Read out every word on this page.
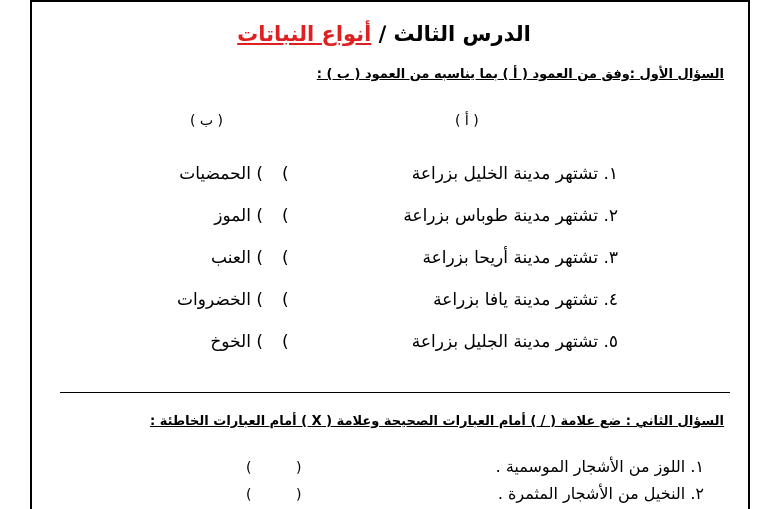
الدرس الثالث / أنواع النباتات
السؤال الأول :وفق من العمود ( أ ) بما يناسبه من العمود ( ب ) :
( أ )
( ب )
١. تشتهر مدينة الخليل بزراعة
٢. تشتهر مدينة طوباس بزراعة
٣. تشتهر مدينة أريحا بزراعة
٤. تشتهر مدينة يافا بزراعة
٥. تشتهر مدينة الجليل بزراعة
(
(
(
(
(
) الحمضيات
) الموز
) العنب
) الخضروات
) الخوخ
السؤال الثاني : ضع علامة ( / ) أمام العبارات الصحيحة وعلامة ( X ) أمام العبارات الخاطئة :
١. اللوز من الأشجار الموسمية .
٢. النخيل من الأشجار المثمرة .
(          )
(          )
